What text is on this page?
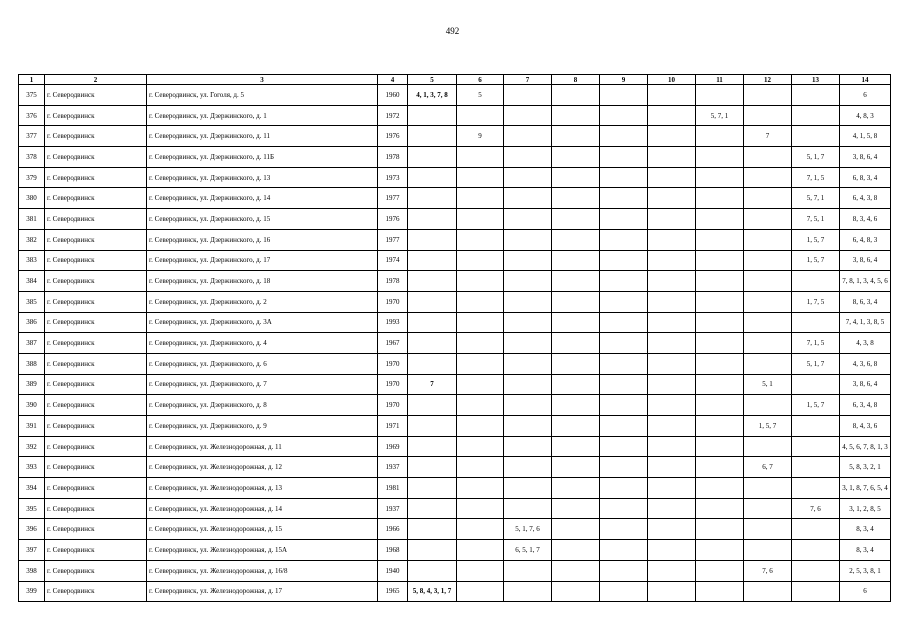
492
1	2	3	4	5	6	7	8	9	10	11	12	13	14
375	г. Северодвинск	г. Северодвинск, ул. Гоголя, д. 5	1960	4, 1, 3, 7, 8	5								6
376	г. Северодвинск	г. Северодвинск, ул. Дзержинского, д. 1	1972							5, 7, 1			4, 8, 3
377	г. Северодвинск	г. Северодвинск, ул. Дзержинского, д. 11	1976		9						7		4, 1, 5, 8
378	г. Северодвинск	г. Северодвинск, ул. Дзержинского, д. 11Б	1978									5, 1, 7	3, 8, 6, 4
379	г. Северодвинск	г. Северодвинск, ул. Дзержинского, д. 13	1973									7, 1, 5	6, 8, 3, 4
380	г. Северодвинск	г. Северодвинск, ул. Дзержинского, д. 14	1977									5, 7, 1	6, 4, 3, 8
381	г. Северодвинск	г. Северодвинск, ул. Дзержинского, д. 15	1976									7, 5, 1	8, 3, 4, 6
382	г. Северодвинск	г. Северодвинск, ул. Дзержинского, д. 16	1977									1, 5, 7	6, 4, 8, 3
383	г. Северодвинск	г. Северодвинск, ул. Дзержинского, д. 17	1974									1, 5, 7	3, 8, 6, 4
384	г. Северодвинск	г. Северодвинск, ул. Дзержинского, д. 18	1978										7, 8, 1, 3, 4, 5, 6
385	г. Северодвинск	г. Северодвинск, ул. Дзержинского, д. 2	1970									1, 7, 5	8, 6, 3, 4
386	г. Северодвинск	г. Северодвинск, ул. Дзержинского, д. 3А	1993										7, 4, 1, 3, 8, 5
387	г. Северодвинск	г. Северодвинск, ул. Дзержинского, д. 4	1967									7, 1, 5	4, 3, 8
388	г. Северодвинск	г. Северодвинск, ул. Дзержинского, д. 6	1970									5, 1, 7	4, 3, 6, 8
389	г. Северодвинск	г. Северодвинск, ул. Дзержинского, д. 7	1970	7							5, 1		3, 8, 6, 4
390	г. Северодвинск	г. Северодвинск, ул. Дзержинского, д. 8	1970									1, 5, 7	6, 3, 4, 8
391	г. Северодвинск	г. Северодвинск, ул. Дзержинского, д. 9	1971								1, 5, 7		8, 4, 3, 6
392	г. Северодвинск	г. Северодвинск, ул. Железнодорожная, д. 11	1969										4, 5, 6, 7, 8, 1, 3
393	г. Северодвинск	г. Северодвинск, ул. Железнодорожная, д. 12	1937								6, 7		5, 8, 3, 2, 1
394	г. Северодвинск	г. Северодвинск, ул. Железнодорожная, д. 13	1981										3, 1, 8, 7, 6, 5, 4
395	г. Северодвинск	г. Северодвинск, ул. Железнодорожная, д. 14	1937									7, 6	3, 1, 2, 8, 5
396	г. Северодвинск	г. Северодвинск, ул. Железнодорожная, д. 15	1966			5, 1, 7, 6							8, 3, 4
397	г. Северодвинск	г. Северодвинск, ул. Железнодорожная, д. 15А	1968			6, 5, 1, 7							8, 3, 4
398	г. Северодвинск	г. Северодвинск, ул. Железнодорожная, д. 16/8	1940								7, 6		2, 5, 3, 8, 1
399	г. Северодвинск	г. Северодвинск, ул. Железнодорожная, д. 17	1965	5, 8, 4, 3, 1, 7									6
